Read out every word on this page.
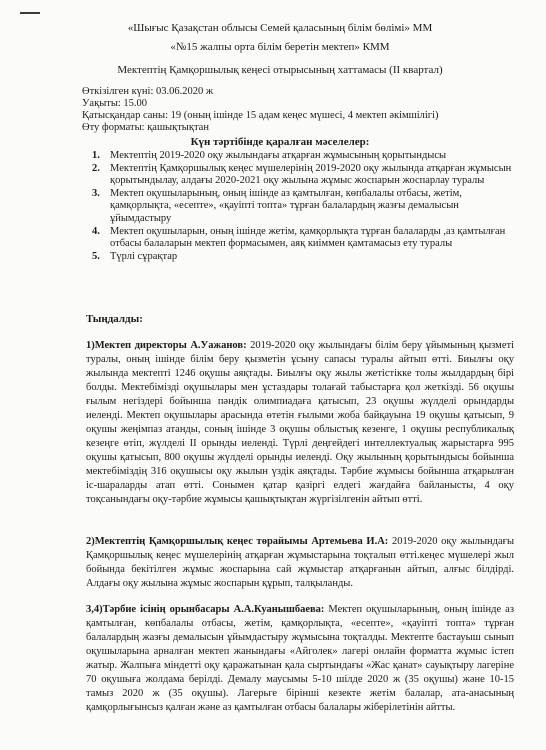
«Шығыс Қазақстан облысы Семей қаласының білім бөлімі» ММ
«№15 жалпы орта білім беретін мектеп» КММ
Мектептің Қамқоршылық кеңесі отырысының хаттамасы (II квартал)
Өткізілген күні: 03.06.2020 ж
Уақыты: 15.00
Қатысқандар саны: 19 (оның ішінде 15 адам кеңес мүшесі, 4 мектеп әкімшілігі)
Өту форматы: қашықтықтан
Күн тәртібінде қаралған мәселелер:
1. Мектептің 2019-2020 оқу жылындағы атқарған жұмысының қорытындысы
2. Мектептің Қамқоршылық кеңес мүшелерінің 2019-2020 оқу жылында атқарған жұмысын қорытындылау, алдағы 2020-2021 оқу жылына жұмыс жоспарын жоспарлау туралы
3. Мектеп оқушыларының, оның ішінде аз қамтылған, көпбалалы отбасы, жетім, қамқорлықта, «есепте», «қауіпті топта» тұрған балалардың жазғы демалысын ұйымдастыру
4. Мектеп оқушыларын, оның ішінде жетім, қамқорлықта тұрған балаларды ,аз қамтылған отбасы балаларын мектеп формасымен, аяқ киіммен қамтамасыз ету туралы
5. Түрлі сұрақтар
Тыңдалды:
1)Мектеп директоры А.Уажанов: 2019-2020 оқу жылындағы білім беру ұйымының қызметі туралы, оның ішінде білім беру қызметін ұсыну сапасы туралы айтып өтті. Биылғы оқу жылында мектепті 1246 оқушы аяқтады. Биылғы оқу жылы жетістікке толы жылдардың бірі болды. Мектебімізді оқушылары мен ұстаздары толағай табыстарға қол жеткізді. 56 оқушы ғылым негіздері бойынша пәндік олимпиадаға қатысып, 23 оқушы жүлделі орындарды иеленді. Мектеп оқушылары арасында өтетін ғылыми жоба байқауына 19 оқушы қатысып, 9 оқушы жеңімпаз атанды, соның ішінде 3 оқушы облыстық кезенге, 1 оқушы республикалық кезеңге өтіп, жүлделі II орынды иеленді. Түрлі деңгейдегі интеллектуалық жарыстарға 995 оқушы қатысып, 800 оқушы жүлделі орынды иеленді. Оқу жылының қорытындысы бойынша мектебіміздің 316 оқушысы оқу жылын үздік аяқтады. Тәрбие жұмысы бойынша атқарылған іс-шараларды атап өтті. Сонымен қатар қазіргі елдегі жағдайға байланысты, 4 оқу тоқсанындағы оқу-тәрбие жұмысы қашықтықтан жүргізілгенін айтып өтті.
2)Мектептің Қамқоршылық кеңес төрайымы Артемьева И.А: 2019-2020 оқу жылындағы Қамқоршылық кеңес мүшелерінің атқарған жұмыстарына тоқталып өтті.кеңес мүшелері жыл бойында бекітілген жұмыс жоспарына сай жұмыстар атқарғанын айтып, алғыс білдірді. Алдағы оқу жылына жұмыс жоспарын құрып, талқыланды.
3,4)Тәрбие ісінің орынбасары А.А.Куанышбаева: Мектеп оқушыларының, оның ішінде аз қамтылған, көпбалалы отбасы, жетім, қамқорлықта, «есепте», «қауіпті топта» тұрған балалардың жазғы демалысын ұйымдастыру жұмысына тоқталды. Мектепте бастауыш сынып оқушыларына арналған мектеп жанындағы «Айголек» лагері онлайн форматта жұмыс істеп жатыр. Жалпыға міндетті оқу қаражатынан қала сыртындағы «Жас қанат» сауықтыру лагеріне 70 оқушыға жолдама берілді. Демалу маусымы 5-10 шілде 2020 ж (35 оқушы) және 10-15 тамыз 2020 ж (35 оқушы). Лагерьге бірінші кезекте жетім балалар, ата-анасының қамқорлығынсыз қалған және аз қамтылған отбасы балалары жіберілетінін айтты.
